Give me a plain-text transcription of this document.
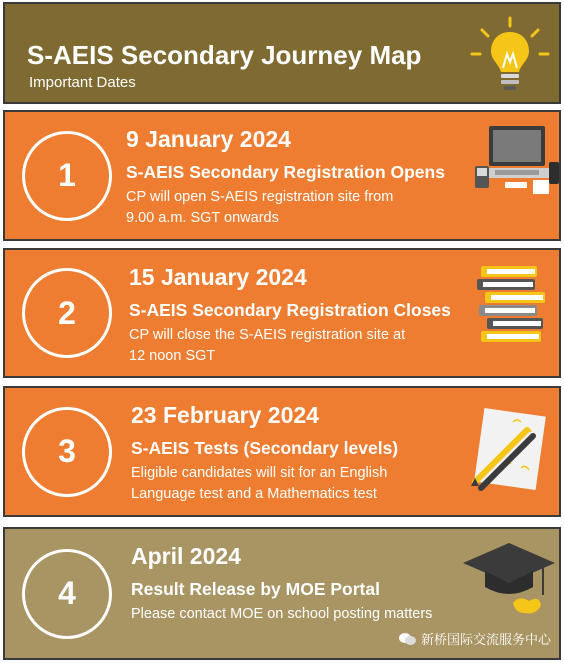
S-AEIS Secondary Journey Map
Important Dates
1
9 January 2024
S-AEIS Secondary Registration Opens
CP will open S-AEIS registration site from
9.00 a.m. SGT onwards
2
15 January 2024
S-AEIS Secondary Registration Closes
CP will close the S-AEIS registration site at
12 noon SGT
3
23 February 2024
S-AEIS Tests (Secondary levels)
Eligible candidates will sit for an English
Language test and a Mathematics test
4
April 2024
Result Release by MOE Portal
Please contact MOE on school posting matters
新桥国际交流服务中心
